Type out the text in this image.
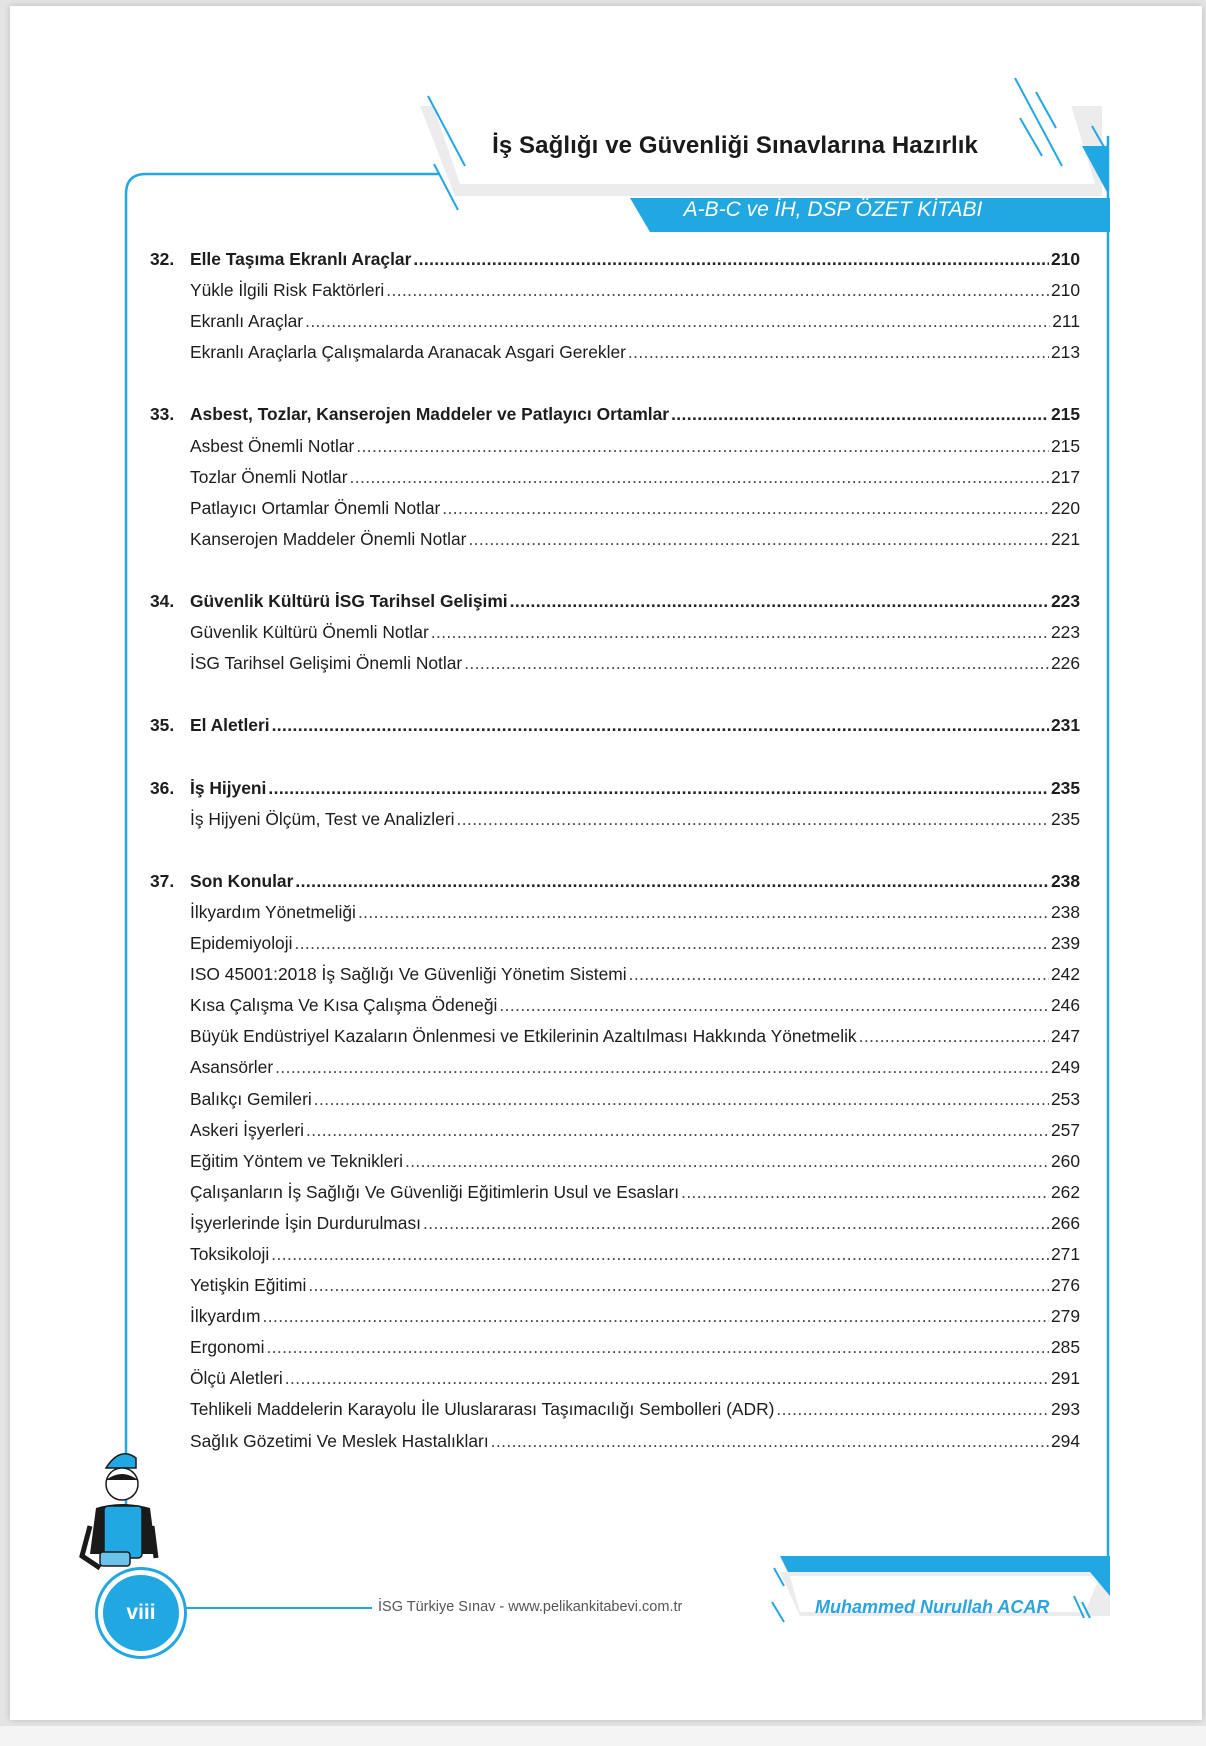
İş Sağlığı ve Güvenliği Sınavlarına Hazırlık
A-B-C ve İH, DSP ÖZET KİTABI
32. Elle Taşıma Ekranlı Araçlar .....	210
Yükle İlgili Risk Faktörleri .....	210
Ekranlı Araçlar .....	211
Ekranlı Araçlarla Çalışmalarda Aranacak Asgari Gerekler .....	213
33. Asbest, Tozlar, Kanserojen Maddeler ve Patlayıcı Ortamlar .....	215
Asbest Önemli Notlar .....	215
Tozlar Önemli Notlar .....	217
Patlayıcı Ortamlar Önemli Notlar .....	220
Kanserojen Maddeler Önemli Notlar .....	221
34. Güvenlik Kültürü İSG Tarihsel Gelişimi .....	223
Güvenlik Kültürü Önemli Notlar .....	223
İSG Tarihsel Gelişimi Önemli Notlar .....	226
35. El Aletleri .....	231
36. İş Hijyeni .....	235
İş Hijyeni Ölçüm, Test ve Analizleri .....	235
37. Son Konular .....	238
İlkyardım Yönetmeliği .....	238
Epidemiyoloji .....	239
ISO 45001:2018 İş Sağlığı Ve Güvenliği Yönetim Sistemi .....	242
Kısa Çalışma Ve Kısa Çalışma Ödeneği .....	246
Büyük Endüstriyel Kazaların Önlenmesi ve Etkilerinin Azaltılması Hakkında Yönetmelik .....	247
Asansörler .....	249
Balıkçı Gemileri .....	253
Askeri İşyerleri .....	257
Eğitim Yöntem ve Teknikleri .....	260
Çalışanların İş Sağlığı Ve Güvenliği Eğitimlerin Usul ve Esasları .....	262
İşyerlerinde İşin Durdurulması .....	266
Toksikoloji .....	271
Yetişkin Eğitimi .....	276
İlkyardım .....	279
Ergonomi .....	285
Ölçü Aletleri .....	291
Tehlikeli Maddelerin Karayolu İle Uluslararası Taşımacılığı Sembolleri (ADR) .....	293
Sağlık Gözetimi Ve Meslek Hastalıkları .....	294
İSG Türkiye Sınav - www.pelikankitabevi.com.tr	Muhammed Nurullah ACAR
viii
